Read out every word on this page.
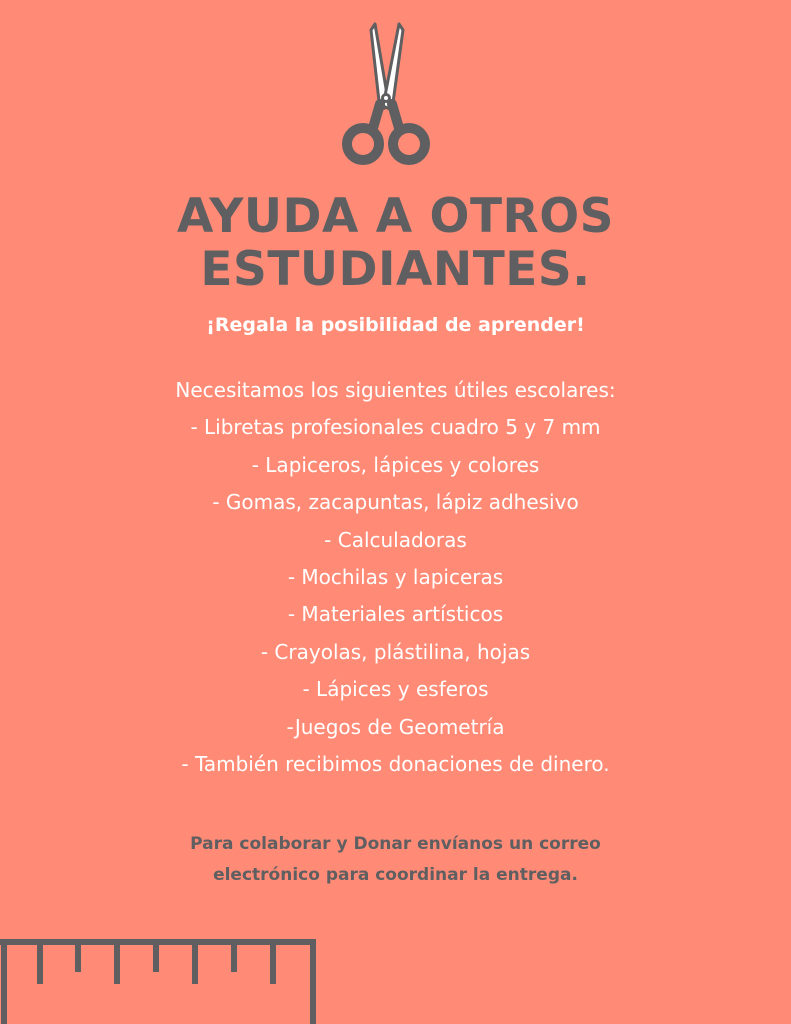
AYUDA A OTROS
ESTUDIANTES.
¡Regala la posibilidad de aprender!
Necesitamos los siguientes útiles escolares:
- Libretas profesionales cuadro 5 y 7 mm
- Lapiceros, lápices y colores
- Gomas, zacapuntas, lápiz adhesivo
- Calculadoras
- Mochilas y lapiceras
- Materiales artísticos
- Crayolas, plástilina, hojas
- Lápices y esferos
-Juegos de Geometría
- También recibimos donaciones de dinero.
Para colaborar y Donar envíanos un correo
electrónico para coordinar la entrega.
